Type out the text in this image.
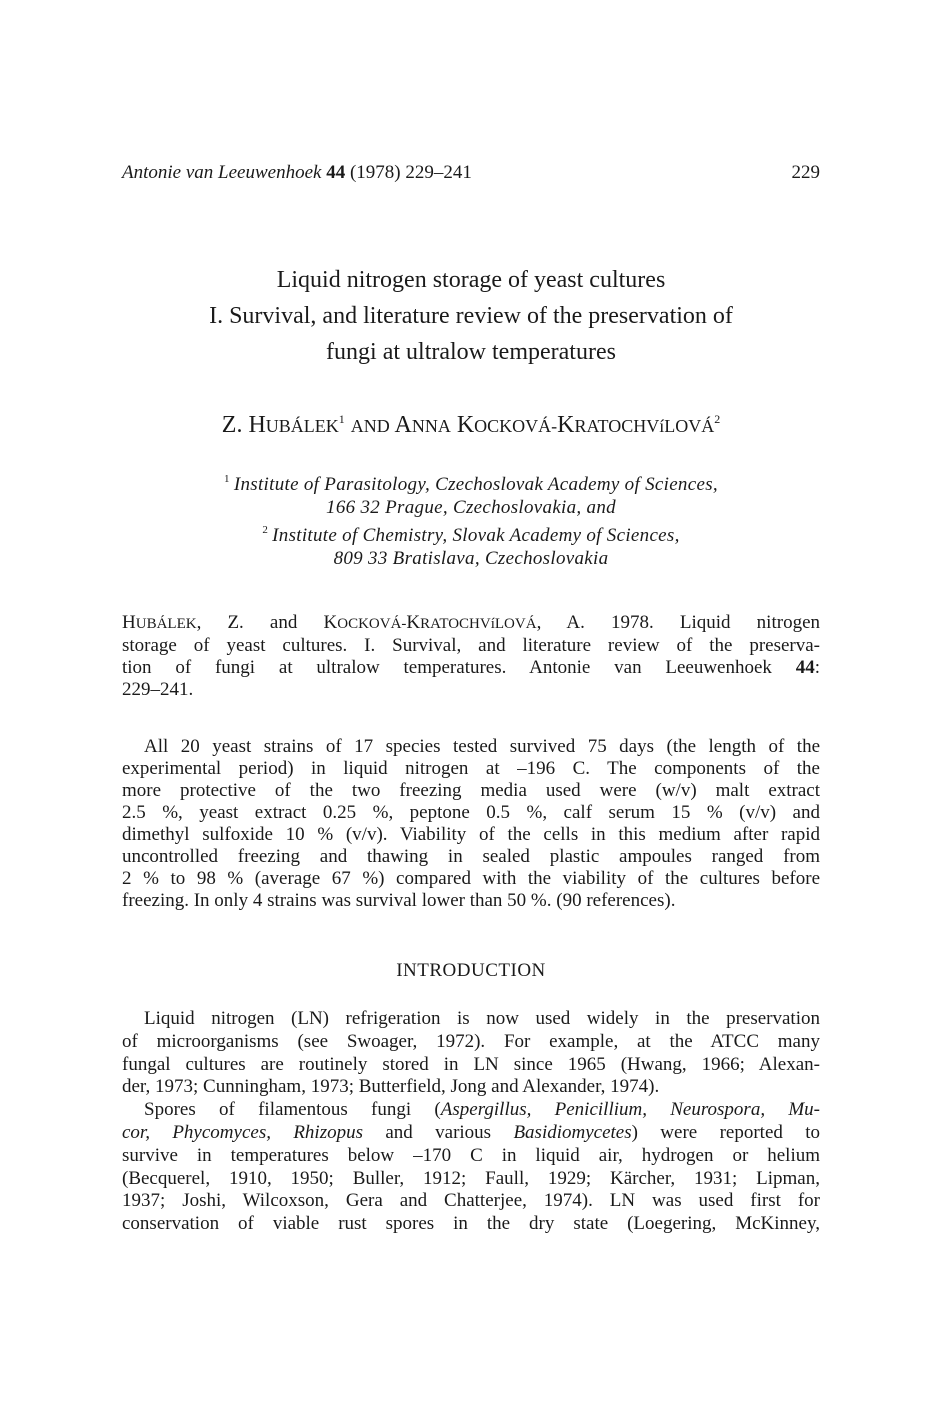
Antonie van Leeuwenhoek 44 (1978) 229–241	229
Liquid nitrogen storage of yeast cultures
I. Survival, and literature review of the preservation of
fungi at ultralow temperatures
Z. HUBÁLEK$^1$ AND ANNA KOCKOVÁ-KRATOCHVíLOVÁ$^2$
$^1$ Institute of Parasitology, Czechoslovak Academy of Sciences,
166 32 Prague, Czechoslovakia, and
$^2$ Institute of Chemistry, Slovak Academy of Sciences,
809 33 Bratislava, Czechoslovakia
HUBÁLEK, Z. and KOCKOVÁ-KRATOCHVíLOVÁ, A. 1978. Liquid nitrogen
storage of yeast cultures. I. Survival, and literature review of the preserva-
tion of fungi at ultralow temperatures. Antonie van Leeuwenhoek 44:
229–241.
All 20 yeast strains of 17 species tested survived 75 days (the length of the
experimental period) in liquid nitrogen at –196 C. The components of the
more protective of the two freezing media used were (w/v) malt extract
2.5 %, yeast extract 0.25 %, peptone 0.5 %, calf serum 15 % (v/v) and
dimethyl sulfoxide 10 % (v/v). Viability of the cells in this medium after rapid
uncontrolled freezing and thawing in sealed plastic ampoules ranged from
2 % to 98 % (average 67 %) compared with the viability of the cultures before
freezing. In only 4 strains was survival lower than 50 %. (90 references).
INTRODUCTION
Liquid nitrogen (LN) refrigeration is now used widely in the preservation
of microorganisms (see Swoager, 1972). For example, at the ATCC many
fungal cultures are routinely stored in LN since 1965 (Hwang, 1966; Alexan-
der, 1973; Cunningham, 1973; Butterfield, Jong and Alexander, 1974).
Spores of filamentous fungi (Aspergillus, Penicillium, Neurospora, Mu-
cor, Phycomyces, Rhizopus and various Basidiomycetes) were reported to
survive in temperatures below –170 C in liquid air, hydrogen or helium
(Becquerel, 1910, 1950; Buller, 1912; Faull, 1929; Kärcher, 1931; Lipman,
1937; Joshi, Wilcoxson, Gera and Chatterjee, 1974). LN was used first for
conservation of viable rust spores in the dry state (Loegering, McKinney,
